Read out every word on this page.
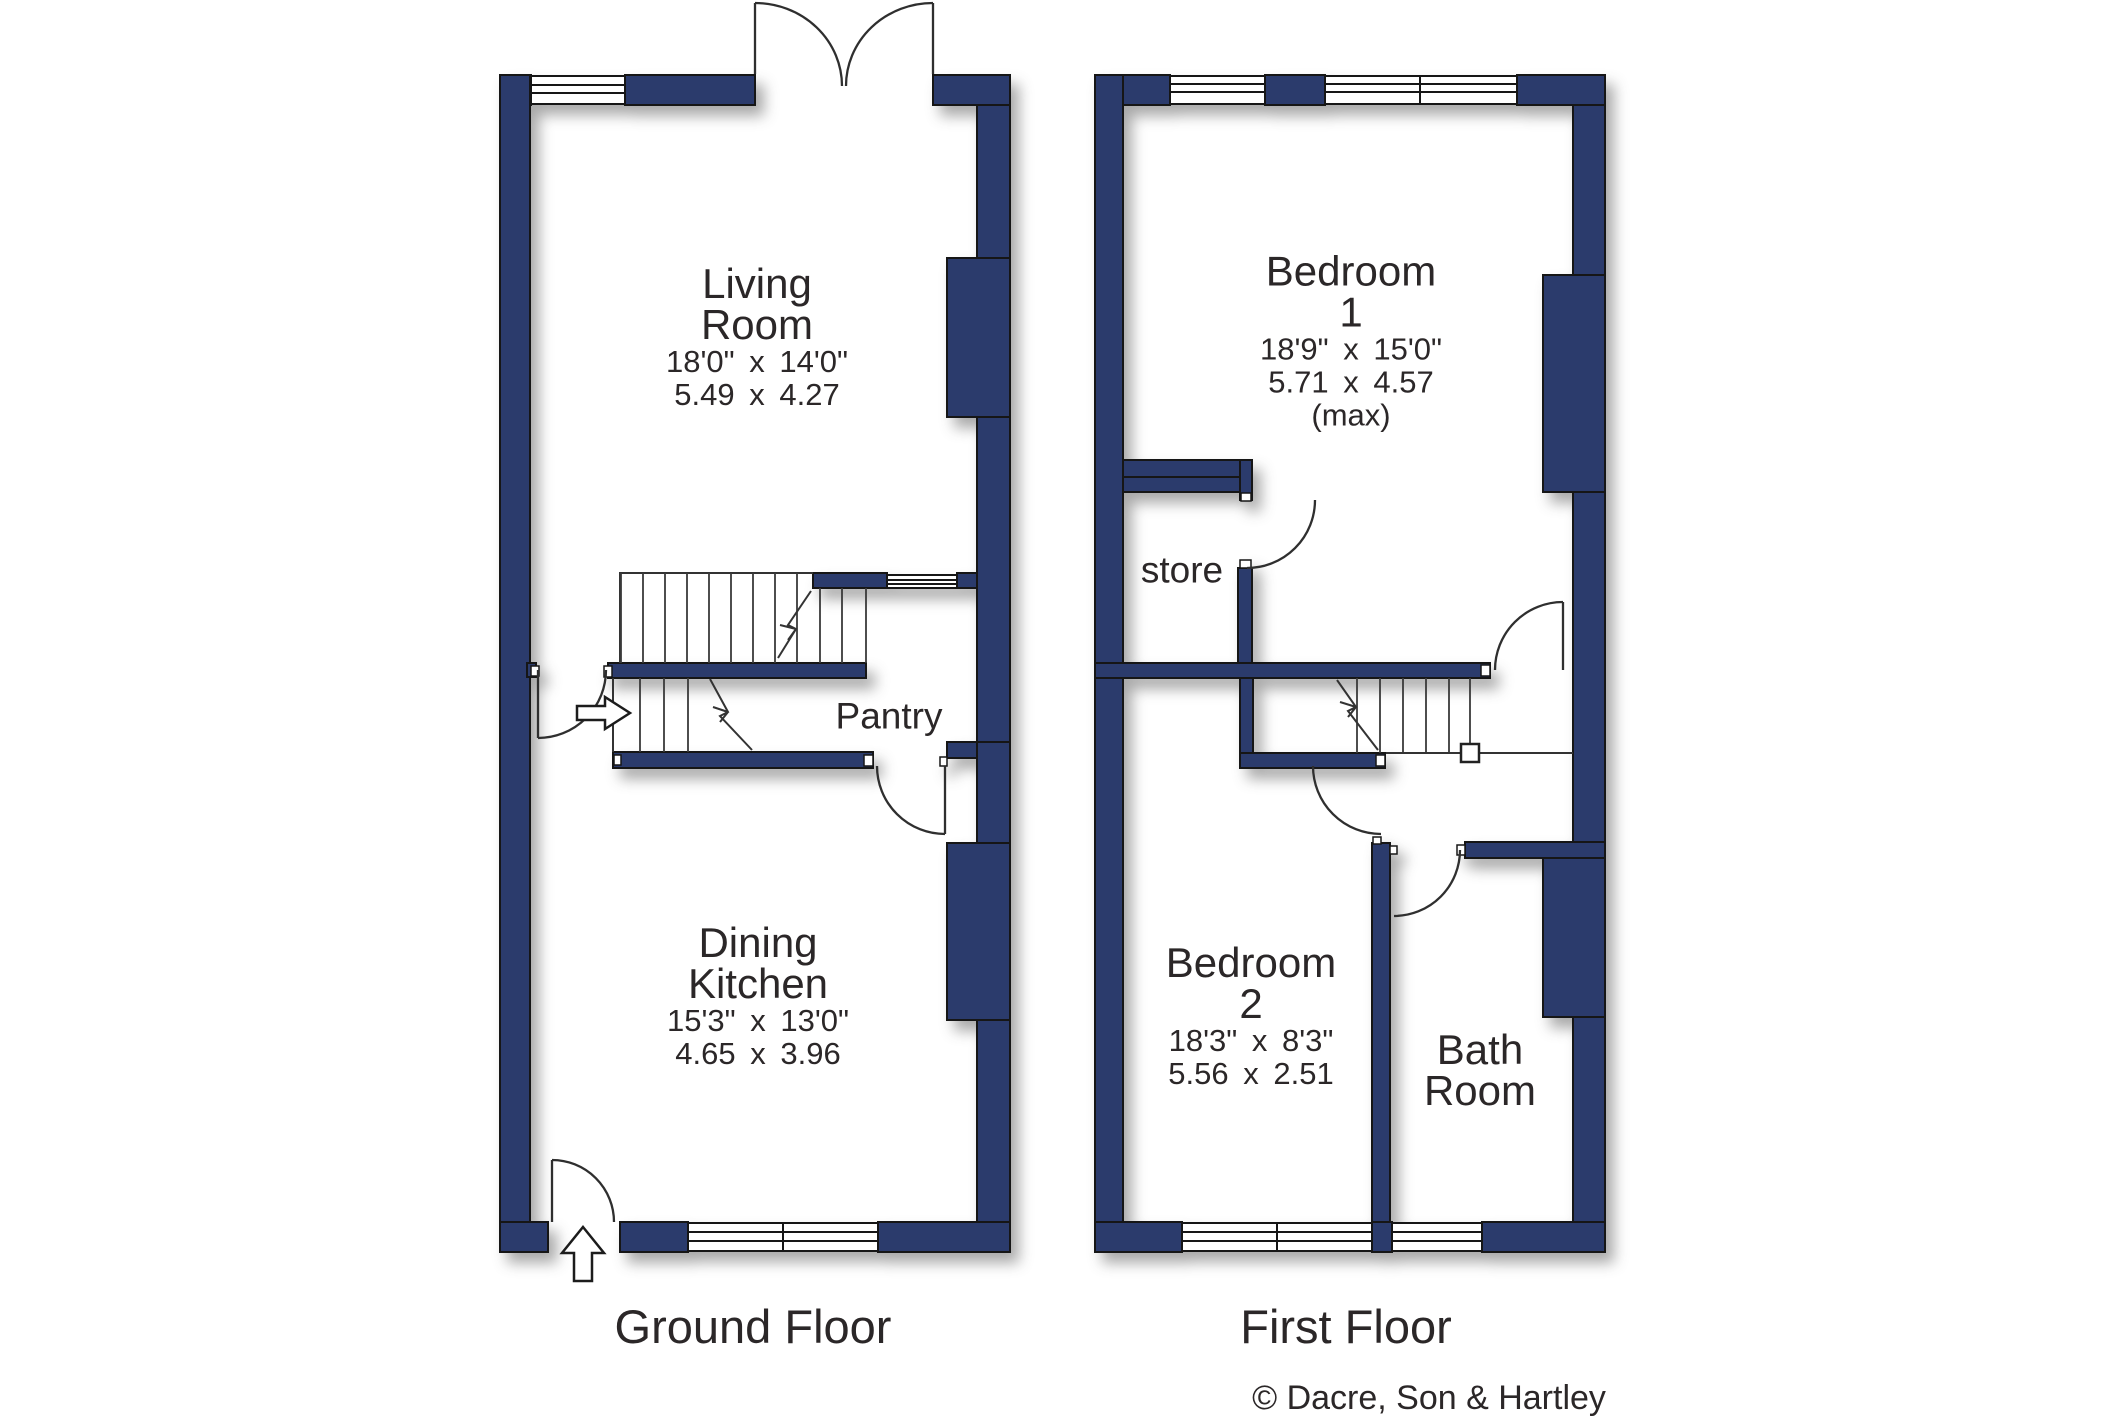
Living
Room
18'0" x 14'0"
5.49 x 4.27
Pantry
Dining
Kitchen
15'3" x 13'0"
4.65 x 3.96
Ground Floor
Bedroom
1
18'9" x 15'0"
5.71 x 4.57
(max)
store
Bedroom
2
18'3" x 8'3"
5.56 x 2.51
Bath
Room
First Floor
© Dacre, Son & Hartley
